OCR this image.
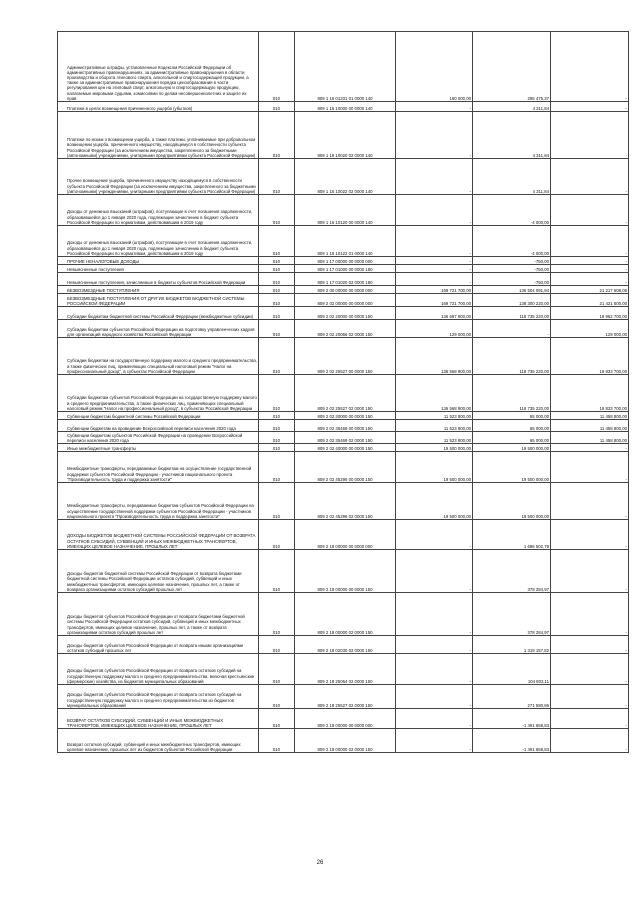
Административные штрафы, установленные Кодексом Российской Федерации об административных правонарушениях, за административные правонарушения в области производства и оборота этилового спирта, алкогольной и спиртосодержащей продукции, а также за административные правонарушения порядка ценообразования в части регулирования цен на этиловый спирт, алкогольную и спиртосодержащую продукцию, налагаемые мировыми судьями, комиссиями по делам несовершеннолетних и защите их прав	010	809 1 16 01331 01 0000 140	150 000,00	295 475,37	-
Платежи в целях возмещения причиненного ущерба (убытков)	010	809 1 16 10000 00 0000 140	-	4 311,84	-
Платежи по искам о возмещении ущерба, а также платежи, уплачиваемые при добровольном возмещении ущерба, причиненного имуществу, находящемуся в собственности субъекта Российской Федерации (за исключением имущества, закрепленного за бюджетными (автономными) учреждениями, унитарными предприятиями субъекта Российской Федерации)	010	809 1 16 10020 02 0000 140	-	4 311,84	-
Прочее возмещение ущерба, причиненного имуществу находящемуся в собственности субъекта Российской Федерации (за исключением имущества, закрепленного за бюджетными (автономными) учреждениями, унитарными предприятиями субъекта Российской Федерации)	010	809 1 16 10022 02 0000 140	-	4 311,84	-
Доходы от денежных взысканий (штрафов), поступающие в счет погашения задолженности, образовавшейся до 1 января 2020 года, подлежащие зачислению в бюджет субъекта Российской Федерации по нормативам, действовавшим в 2019 году	010	809 1 16 10120 00 0000 140	-	-4 000,00	-
Доходы от денежных взысканий (штрафов), поступающие в счет погашения задолженности, образовавшейся до 1 января 2020 года, подлежащие зачислению в бюджет субъекта Российской Федерации по нормативам, действовавшим в 2019 году	010	809 1 16 10122 01 0000 140	-	-4 000,00	-
ПРОЧИЕ НЕНАЛОГОВЫЕ ДОХОДЫ	010	809 1 17 00000 00 0000 000	-	-750,00	-
Невыясненные поступления	010	809 1 17 01000 00 0000 180	-	-750,00	-
Невыясненные поступления, зачисляемые в бюджеты субъектов Российской Федерации	010	809 1 17 01020 02 0000 180	-	-750,00	-
БЕЗВОЗМЕЗДНЫЕ ПОСТУПЛЕНИЯ	010	809 2 00 00000 00 0000 000	169 721 700,00	136 504 091,94	21 217 608,06
БЕЗВОЗМЕЗДНЫЕ ПОСТУПЛЕНИЯ ОТ ДРУГИХ БЮДЖЕТОВ БЮДЖЕТНОЙ СИСТЕМЫ РОССИЙСКОЙ ФЕДЕРАЦИИ	010	809 2 02 00000 00 0000 000	169 721 700,00	138 300 220,00	21 421 500,00
Субсидии бюджетам бюджетной системы Российской Федерации (межбюджетные субсидии)	010	809 2 02 20000 00 0000 150	136 697 900,00	118 735 220,00	19 962 700,00
Субсидии бюджетам субъектов Российской Федерации на подготовку управленческих кадров для организаций народного хозяйства Российской Федерации	010	809 2 02 20066 02 0000 150	129 000,00	-	129 000,00
Субсидии бюджетам на государственную поддержку малого и среднего предпринимательства, а также физических лиц, применяющих специальный налоговый режим "Налог на профессиональный доход", в субъектах Российской Федерации	010	809 2 02 25527 00 0000 150	136 568 900,00	118 735 220,00	19 833 700,00
Субсидии бюджетам субъектов Российской Федерации на государственную поддержку малого и среднего предпринимательства, а также физических лиц, применяющих специальный налоговый режим "Налог на профессиональный доход", в субъектах Российской Федерации	010	809 2 02 25527 02 0000 150	136 568 900,00	118 735 220,00	19 833 700,00
Субвенции бюджетам бюджетной системы Российской Федерации	010	809 2 02 30000 00 0000 150	11 523 800,00	65 000,00	11 458 800,00
Субвенции бюджетам на проведение Всероссийской переписи населения 2020 года	010	809 2 02 35469 00 0000 150	11 523 800,00	65 000,00	11 458 800,00
Субвенции бюджетам субъектов Российской Федерации на проведение Всероссийской переписи населения 2020 года	010	809 2 02 35469 02 0000 150	11 523 800,00	65 000,00	11 458 800,00
Иные межбюджетные трансферты	010	809 2 02 40000 00 0000 150	19 500 000,00	19 500 000,00	-
Межбюджетные трансферты, передаваемые бюджетам на осуществление государственной поддержки субъектов Российской Федерации - участников национального проекта "Производительность труда и поддержка занятости"	010	809 2 02 45296 00 0000 150	19 500 000,00	19 500 000,00	-
Межбюджетные трансферты, передаваемые бюджетам субъектов Российской Федерации на осуществление государственной поддержки субъектов Российской Федерации - участников национального проекта "Производительность труда и поддержка занятости"	010	809 2 02 45296 02 0000 150	19 500 000,00	19 500 000,00	-
ДОХОДЫ БЮДЖЕТОВ БЮДЖЕТНОЙ СИСТЕМЫ РОССИЙСКОЙ ФЕДЕРАЦИИ ОТ ВОЗВРАТА ОСТАТКОВ СУБСИДИЙ, СУБВЕНЦИЙ И ИНЫХ МЕЖБЮДЖЕТНЫХ ТРАНСФЕРТОВ, ИМЕЮЩИХ ЦЕЛЕВОЕ НАЗНАЧЕНИЕ, ПРОШЛЫХ ЛЕТ	010	809 2 18 00000 00 0000 000	-	1 696 502,79	-
Доходы бюджетов бюджетной системы Российской Федерации от возврата бюджетами бюджетной системы Российской Федерации остатков субсидий, субвенций и иных межбюджетных трансфертов, имеющих целевое назначение, прошлых лет, а также от возврата организациями остатков субсидий прошлых лет	010	809 2 18 00000 00 0000 150	-	378 284,97	-
Доходы бюджетов субъектов Российской Федерации от возврата бюджетами бюджетной системы Российской Федерации остатков субсидий, субвенций и иных межбюджетных трансфертов, имеющих целевое назначение, прошлых лет, а также от возврата организациями остатков субсидий прошлых лет	010	809 2 18 00000 02 0000 150	-	378 284,97	-
Доходы бюджетов субъектов Российской Федерации от возврата иными организациями остатков субсидий прошлых лет	010	809 2 18 02030 02 0000 150	-	1 319 157,82	-
Доходы бюджетов субъектов Российской Федерации от возврата остатков субсидий на государственную поддержку малого и среднего предпринимательства, включая крестьянские (фермерские) хозяйства, из бюджетов муниципальных образований	010	809 2 18 25064 02 0000 150	-	104 803,11	-
Доходы бюджетов субъектов Российской Федерации от возврата остатков субсидий на государственную поддержку малого и среднего предпринимательства из бюджетов муниципальных образований	010	809 2 18 25527 02 0000 150	-	271 580,86	-
ВОЗВРАТ ОСТАТКОВ СУБСИДИЙ, СУБВЕНЦИЙ И ИНЫХ МЕЖБЮДЖЕТНЫХ ТРАНСФЕРТОВ, ИМЕЮЩИХ ЦЕЛЕВОЕ НАЗНАЧЕНИЕ, ПРОШЛЫХ ЛЕТ	010	809 2 19 00000 00 0000 000	-	-1 491 658,83	-
Возврат остатков субсидий, субвенций и иных межбюджетных трансфертов, имеющих целевое назначение, прошлых лет из бюджетов субъектов Российской Федерации	010	809 2 19 00000 02 0000 150	-	-1 491 658,83	-
26
